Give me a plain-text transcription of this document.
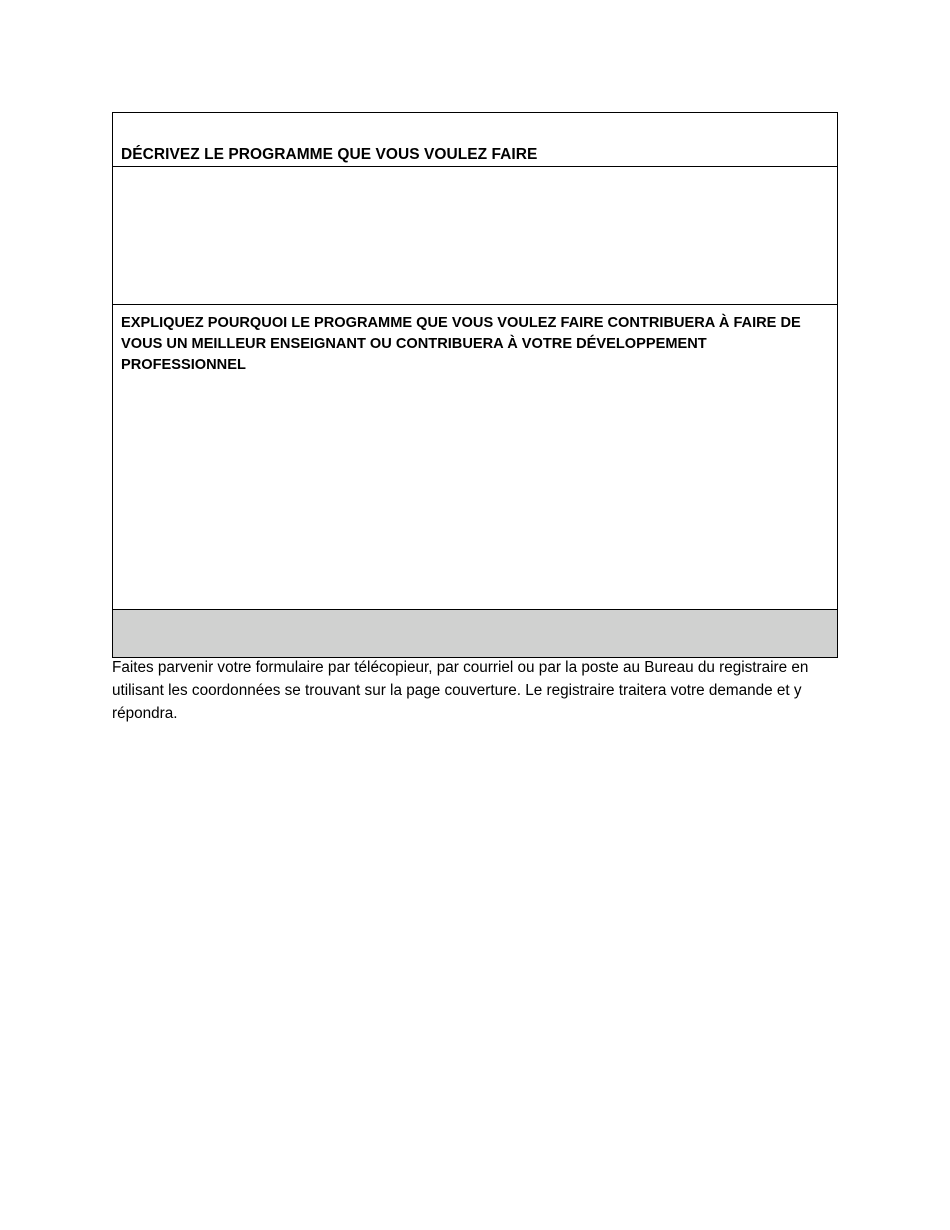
DÉCRIVEZ LE PROGRAMME QUE VOUS VOULEZ FAIRE
EXPLIQUEZ POURQUOI LE PROGRAMME QUE VOUS VOULEZ FAIRE CONTRIBUERA À FAIRE DE VOUS UN MEILLEUR ENSEIGNANT OU CONTRIBUERA À VOTRE DÉVELOPPEMENT PROFESSIONNEL
Faites parvenir votre formulaire par télécopieur, par courriel ou par la poste au Bureau du registraire en utilisant les coordonnées se trouvant sur la page couverture. Le registraire traitera votre demande et y répondra.
